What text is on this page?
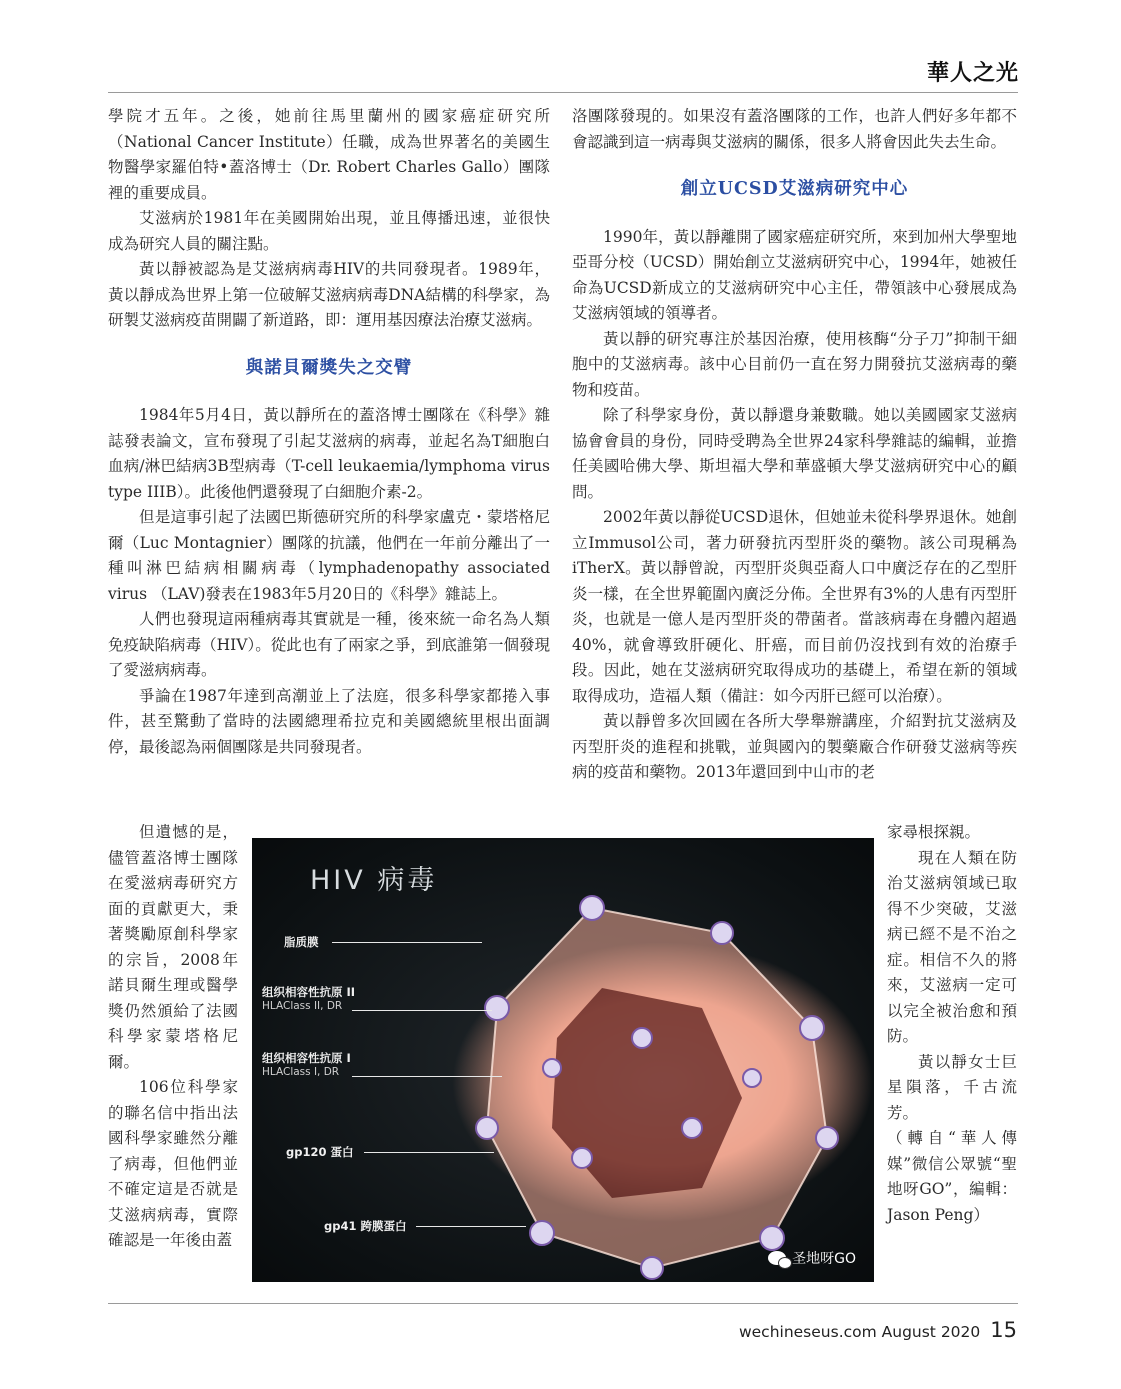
華人之光

學院才五年。之後，她前往馬里蘭州的國家癌症研究所（National Cancer Institute）任職，成為世界著名的美國生物醫學家羅伯特•蓋洛博士（Dr. Robert Charles Gallo）團隊裡的重要成員。

艾滋病於1981年在美國開始出現，並且傳播迅速，並很快成為研究人員的關注點。

黃以靜被認為是艾滋病病毒HIV的共同發現者。1989年，黃以靜成為世界上第一位破解艾滋病病毒DNA結構的科學家，為研製艾滋病疫苗開闢了新道路，即：運用基因療法治療艾滋病。

與諾貝爾獎失之交臂

1984年5月4日，黃以靜所在的蓋洛博士團隊在《科學》雜誌發表論文，宣布發現了引起艾滋病的病毒，並起名為T細胞白血病/淋巴結病3B型病毒（T-cell leukaemia/lymphoma virus type IIIB）。此後他們還發現了白細胞介素-2。

但是這事引起了法國巴斯德研究所的科學家盧克・蒙塔格尼爾（Luc Montagnier）團隊的抗議，他們在一年前分離出了一種叫淋巴結病相關病毒（lymphadenopathy associated virus （LAV)發表在1983年5月20日的《科學》雜誌上。

人們也發現這兩種病毒其實就是一種，後來統一命名為人類免疫缺陷病毒（HIV）。從此也有了兩家之爭，到底誰第一個發現了愛滋病病毒。

爭論在1987年達到高潮並上了法庭，很多科學家都捲入事件，甚至驚動了當時的法國總理希拉克和美國總統里根出面調停，最後認為兩個團隊是共同發現者。

但遺憾的是，儘管蓋洛博士團隊在愛滋病毒研究方面的貢獻更大，秉著獎勵原創科學家的宗旨，2008年諾貝爾生理或醫學獎仍然頒給了法國科學家蒙塔格尼爾。

106位科學家的聯名信中指出法國科學家雖然分離了病毒，但他們並不確定這是否就是艾滋病病毒，實際確認是一年後由蓋

洛團隊發現的。如果沒有蓋洛團隊的工作，也許人們好多年都不會認識到這一病毒與艾滋病的關係，很多人將會因此失去生命。

創立UCSD艾滋病研究中心

1990年，黃以靜離開了國家癌症研究所，來到加州大學聖地亞哥分校（UCSD）開始創立艾滋病研究中心，1994年，她被任命為UCSD新成立的艾滋病研究中心主任，帶領該中心發展成為艾滋病領域的領導者。

黃以靜的研究專注於基因治療，使用核酶“分子刀”抑制干細胞中的艾滋病毒。該中心目前仍一直在努力開發抗艾滋病毒的藥物和疫苗。

除了科學家身份，黃以靜還身兼數職。她以美國國家艾滋病協會會員的身份，同時受聘為全世界24家科學雜誌的編輯，並擔任美國哈佛大學、斯坦福大學和華盛頓大學艾滋病研究中心的顧問。

2002年黃以靜從UCSD退休，但她並未從科學界退休。她創立Immusol公司，著力研發抗丙型肝炎的藥物。該公司現稱為iTherX。黃以靜曾說，丙型肝炎與亞裔人口中廣泛存在的乙型肝炎一樣，在全世界範圍內廣泛分佈。全世界有3%的人患有丙型肝炎，也就是一億人是丙型肝炎的帶菌者。當該病毒在身體內超過40%，就會導致肝硬化、肝癌，而目前仍沒找到有效的治療手段。因此，她在艾滋病研究取得成功的基礎上，希望在新的領域取得成功，造福人類（備註：如今丙肝已經可以治療）。

黃以靜曾多次回國在各所大學舉辦講座，介紹對抗艾滋病及丙型肝炎的進程和挑戰，並與國內的製藥廠合作研發艾滋病等疾病的疫苗和藥物。2013年還回到中山市的老

家尋根探親。

現在人類在防治艾滋病領域已取得不少突破，艾滋病已經不是不治之症。相信不久的將來，艾滋病一定可以完全被治愈和預防。

黃以靜女士巨星隕落，千古流芳。

（轉自“華人傳媒”微信公眾號“聖地呀GO”，編輯：Jason Peng）

HIV 病毒
脂质膜
组织相容性抗原 II
HLAClass II, DR
组织相容性抗原 I
HLAClass I, DR
gp120 蛋白
gp41 跨膜蛋白
圣地呀GO
wechineseus.com August 2020 15
